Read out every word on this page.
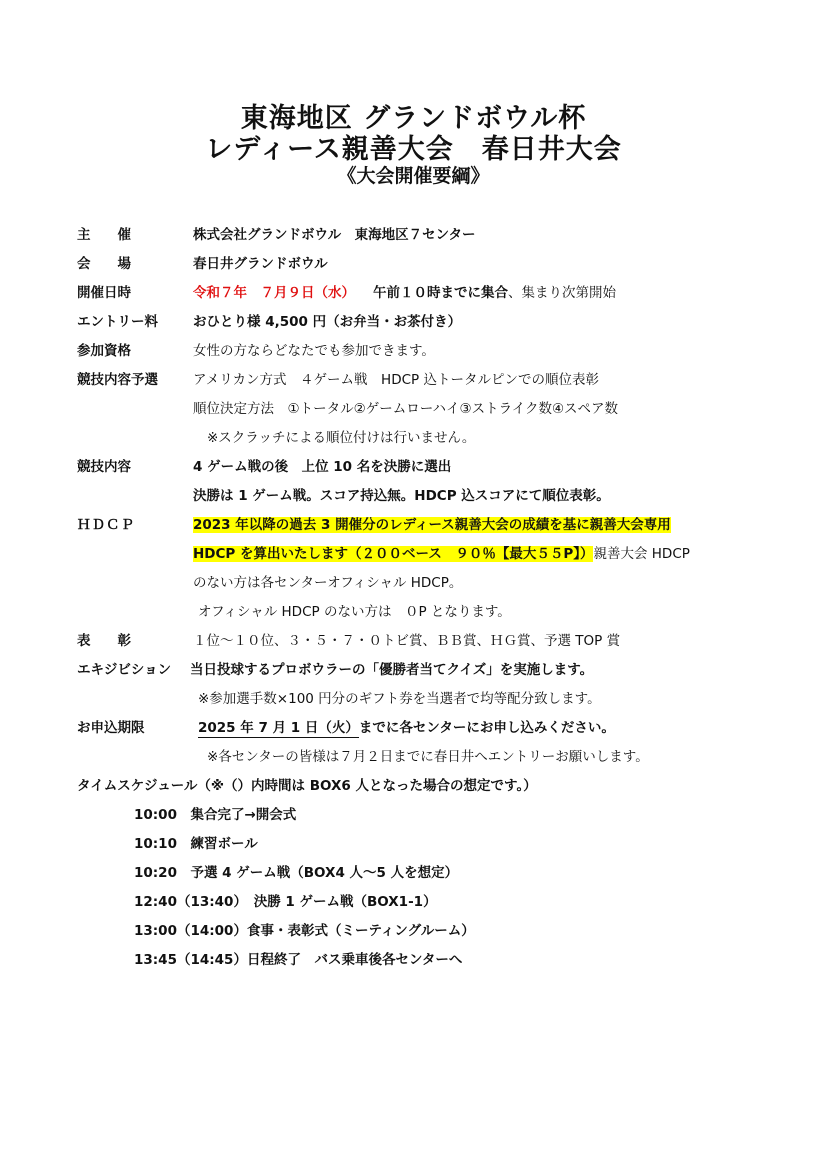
東海地区 グランドボウル杯
レディース親善大会　春日井大会
《大会開催要綱》
主　　催	株式会社グランドボウル　東海地区７センター
会　　場	春日井グランドボウル
開催日時	令和７年　７月９日（水） 午前１０時までに集合、集まり次第開始
エントリー料	おひとり様 4,500 円（お弁当・お茶付き）
参加資格	女性の方ならどなたでも参加できます。
競技内容予選	アメリカン方式　４ゲーム戦　HDCP 込トータルピンでの順位表彰
順位決定方法　①トータル②ゲームローハイ③ストライク数④スペア数
※スクラッチによる順位付けは行いません。
競技内容	4 ゲーム戦の後　上位 10 名を決勝に選出
決勝は 1 ゲーム戦。スコア持込無。HDCP 込スコアにて順位表彰。
ＨＤＣＰ	2023 年以降の過去 3 開催分のレディース親善大会の成績を基に親善大会専用
HDCP を算出いたします（２００ベース　９０％【最大５５P】）親善大会 HDCP
のない方は各センターオフィシャル HDCP。
オフィシャル HDCP のない方は　０P となります。
表　　彰	１位～１０位、３・５・７・０トビ賞、ＢＢ賞、ＨＧ賞、予選 TOP 賞
エキジビション 当日投球するプロボウラーの「優勝者当てクイズ」を実施します。
※参加選手数×100 円分のギフト券を当選者で均等配分致します。
お申込期限	2025 年 7 月 1 日（火）までに各センターにお申し込みください。
※各センターの皆様は７月２日までに春日井へエントリーお願いします。
タイムスケジュール（※（）内時間は BOX6 人となった場合の想定です。）
10:00　集合完了→開会式
10:10　練習ボール
10:20　予選 4 ゲーム戦（BOX4 人～5 人を想定）
12:40（13:40）　決勝 1 ゲーム戦（BOX1-1）
13:00（14:00）食事・表彰式（ミーティングルーム）
13:45（14:45）日程終了　バス乗車後各センターへ
